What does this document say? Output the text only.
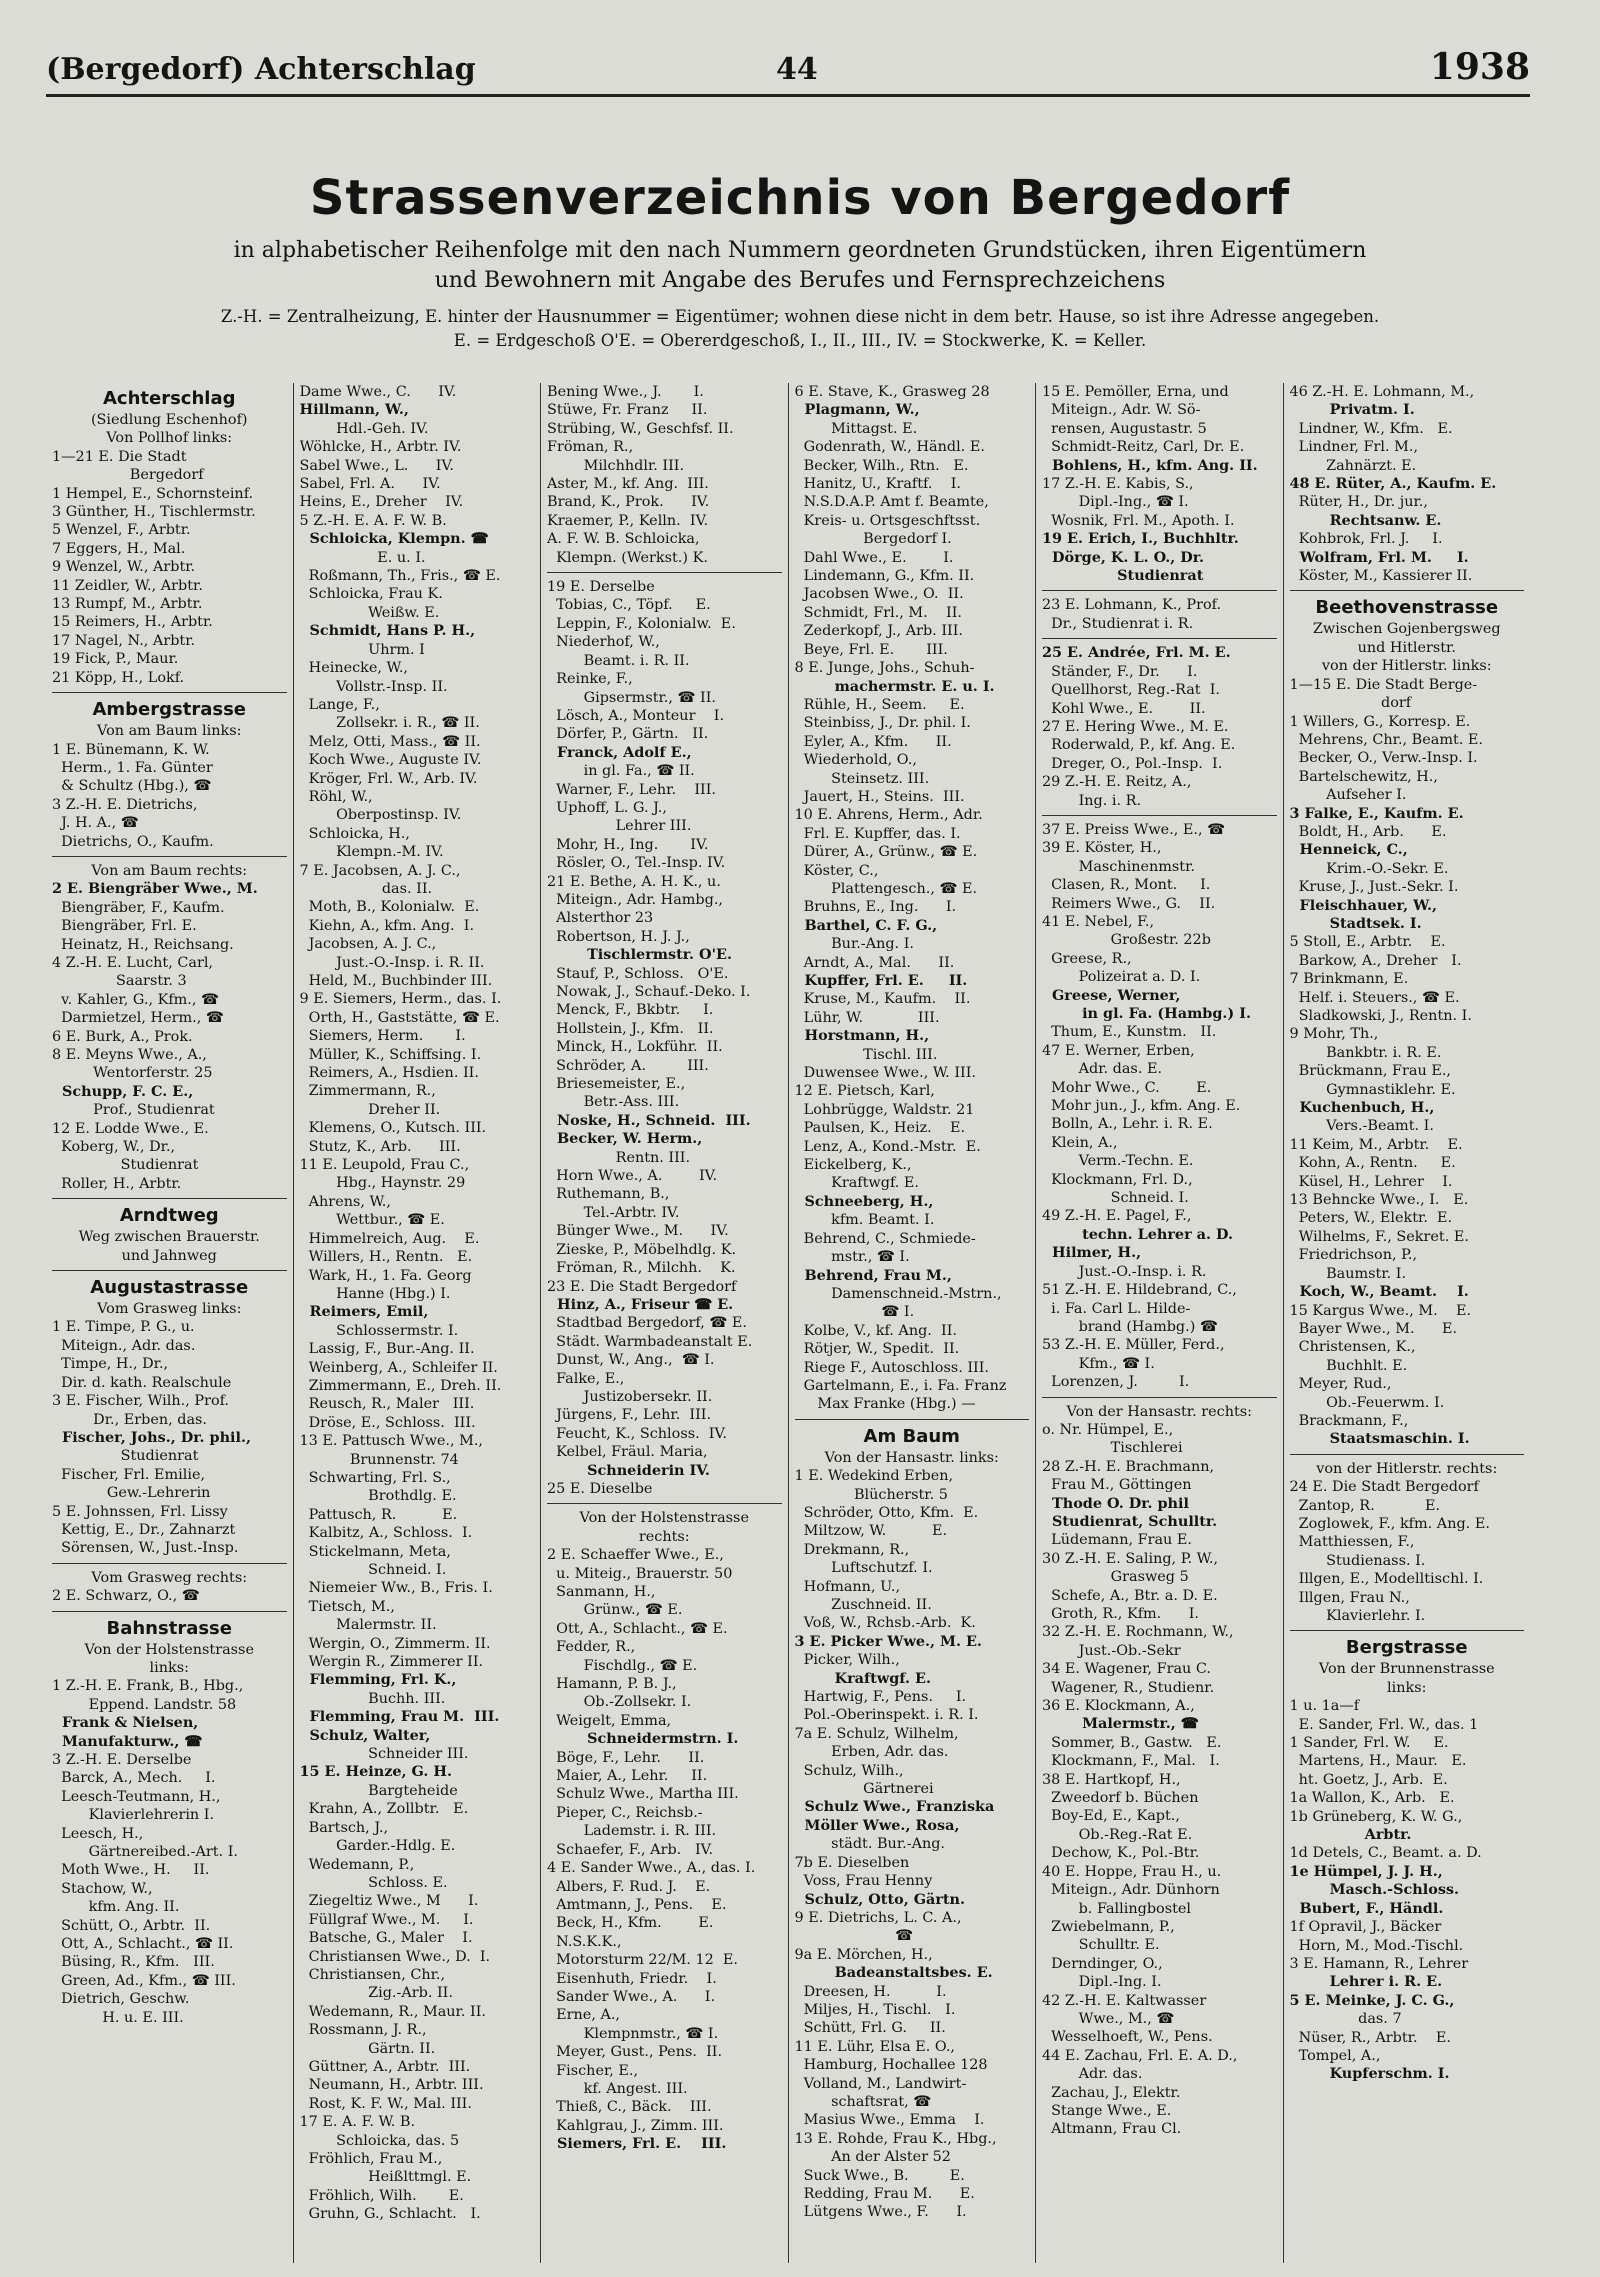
(Bergedorf) Achterschlag	44	1938
Strassenverzeichnis von Bergedorf
in alphabetischer Reihenfolge mit den nach Nummern geordneten Grundstücken, ihren Eigentümern
und Bewohnern mit Angabe des Berufes und Fernsprechzeichens
Z.-H. = Zentralheizung, E. hinter der Hausnummer = Eigentümer; wohnen diese nicht in dem betr. Hause, so ist ihre Adresse angegeben.
E. = Erdgeschoß O'E. = Obererdgeschoß, I., II., III., IV. = Stockwerke, K. = Keller.
Achterschlag
(Siedlung Eschenhof)
Von Pollhof links:
1—21 E. Die Stadt
Bergedorf
1 Hempel, E., Schornsteinf.
3 Günther, H., Tischlermstr.
5 Wenzel, F., Arbtr.
7 Eggers, H., Mal.
9 Wenzel, W., Arbtr.
11 Zeidler, W., Arbtr.
13 Rumpf, M., Arbtr.
15 Reimers, H., Arbtr.
17 Nagel, N., Arbtr.
19 Fick, P., Maur.
21 Köpp, H., Lokf.
Ambergstrasse
Von am Baum links:
1 E. Bünemann, K. W.
Herm., 1. Fa. Günter
& Schultz (Hbg.), ☎
3 Z.-H. E. Dietrichs,
J. H. A., ☎
Dietrichs, O., Kaufm.
Von am Baum rechts:
2 E. Biengräber Wwe., M.
Biengräber, F., Kaufm.
Biengräber, Frl. E.
Heinatz, H., Reichsang.
4 Z.-H. E. Lucht, Carl,
Saarstr. 3
v. Kahler, G., Kfm., ☎
Darmietzel, Herm., ☎
6 E. Burk, A., Prok.
8 E. Meyns Wwe., A.,
Wentorferstr. 25
Schupp, F. C. E.,
Prof., Studienrat
12 E. Lodde Wwe., E.
Koberg, W., Dr.,
Studienrat
Roller, H., Arbtr.
Arndtweg
Weg zwischen Brauerstr.
und Jahnweg
Augustastrasse
Vom Grasweg links:
1 E. Timpe, P. G., u.
Miteign., Adr. das.
Timpe, H., Dr.,
Dir. d. kath. Realschule
3 E. Fischer, Wilh., Prof.
Dr., Erben, das.
Fischer, Johs., Dr. phil.,
Studienrat
Fischer, Frl. Emilie,
Gew.-Lehrerin
5 E. Johnssen, Frl. Lissy
Kettig, E., Dr., Zahnarzt
Sörensen, W., Just.-Insp.
Vom Grasweg rechts:
2 E. Schwarz, O., ☎
Bahnstrasse
Von der Holstenstrasse
links:
1 Z.-H. E. Frank, B., Hbg.,
Eppend. Landstr. 58
Frank & Nielsen,
Manufakturw., ☎
3 Z.-H. E. Derselbe
Barck, A., Mech.     I.
Leesch-Teutmann, H.,
Klavierlehrerin I.
Leesch, H.,
Gärtnereibed.-Art. I.
Moth Wwe., H.     II.
Stachow, W.,
kfm. Ang. II.
Schütt, O., Arbtr.  II.
Ott, A., Schlacht., ☎ II.
Büsing, R., Kfm.   III.
Green, Ad., Kfm., ☎ III.
Dietrich, Geschw.
H. u. E. III.
Dame Wwe., C.      IV.
Hillmann, W.,
Hdl.-Geh. IV.
Wöhlcke, H., Arbtr. IV.
Sabel Wwe., L.      IV.
Sabel, Frl. A.      IV.
Heins, E., Dreher    IV.
5 Z.-H. E. A. F. W. B.
Schloicka, Klempn. ☎
E. u. I.
Roßmann, Th., Fris., ☎ E.
Schloicka, Frau K.
Weißw. E.
Schmidt, Hans P. H.,
Uhrm. I
Heinecke, W.,
Vollstr.-Insp. II.
Lange, F.,
Zollsekr. i. R., ☎ II.
Melz, Otti, Mass., ☎ II.
Koch Wwe., Auguste IV.
Kröger, Frl. W., Arb. IV.
Röhl, W.,
Oberpostinsp. IV.
Schloicka, H.,
Klempn.-M. IV.
7 E. Jacobsen, A. J. C.,
das. II.
Moth, B., Kolonialw.  E.
Kiehn, A., kfm. Ang.  I.
Jacobsen, A. J. C.,
Just.-O.-Insp. i. R. II.
Held, M., Buchbinder III.
9 E. Siemers, Herm., das. I.
Orth, H., Gaststätte, ☎ E.
Siemers, Herm.       I.
Müller, K., Schiffsing. I.
Reimers, A., Hsdien. II.
Zimmermann, R.,
Dreher II.
Klemens, O., Kutsch. III.
Stutz, K., Arb.      III.
11 E. Leupold, Frau C.,
Hbg., Haynstr. 29
Ahrens, W.,
Wettbur., ☎ E.
Himmelreich, Aug.    E.
Willers, H., Rentn.   E.
Wark, H., 1. Fa. Georg
Hanne (Hbg.) I.
Reimers, Emil,
Schlossermstr. I.
Lassig, F., Bur.-Ang. II.
Weinberg, A., Schleifer II.
Zimmermann, E., Dreh. II.
Reusch, R., Maler   III.
Dröse, E., Schloss.  III.
13 E. Pattusch Wwe., M.,
Brunnenstr. 74
Schwarting, Frl. S.,
Brothdlg. E.
Pattusch, R.          E.
Kalbitz, A., Schloss.  I.
Stickelmann, Meta,
Schneid. I.
Niemeier Ww., B., Fris. I.
Tietsch, M.,
Malermstr. II.
Wergin, O., Zimmerm. II.
Wergin R., Zimmerer II.
Flemming, Frl. K.,
Buchh. III.
Flemming, Frau M.  III.
Schulz, Walter,
Schneider III.
15 E. Heinze, G. H.
Bargteheide
Krahn, A., Zollbtr.   E.
Bartsch, J.,
Garder.-Hdlg. E.
Wedemann, P.,
Schloss. E.
Ziegeltiz Wwe., M      I.
Füllgraf Wwe., M.     I.
Batsche, G., Maler    I.
Christiansen Wwe., D.  I.
Christiansen, Chr.,
Zig.-Arb. II.
Wedemann, R., Maur. II.
Rossmann, J. R.,
Gärtn. II.
Güttner, A., Arbtr.  III.
Neumann, H., Arbtr. III.
Rost, K. F. W., Mal. III.
17 E. A. F. W. B.
Schloicka, das. 5
Fröhlich, Frau M.,
Heißlttmgl. E.
Fröhlich, Wilh.       E.
Gruhn, G., Schlacht.   I.
Bening Wwe., J.       I.
Stüwe, Fr. Franz     II.
Strübing, W., Geschfsf. II.
Fröman, R.,
Milchhdlr. III.
Aster, M., kf. Ang.  III.
Brand, K., Prok.      IV.
Kraemer, P., Kelln.  IV.
A. F. W. B. Schloicka,
Klempn. (Werkst.) K.
19 E. Derselbe
Tobias, C., Töpf.     E.
Leppin, F., Kolonialw.  E.
Niederhof, W.,
Beamt. i. R. II.
Reinke, F.,
Gipsermstr., ☎ II.
Lösch, A., Monteur    I.
Dörfer, P., Gärtn.   II.
Franck, Adolf E.,
in gl. Fa., ☎ II.
Warner, F., Lehr.    III.
Uphoff, L. G. J.,
Lehrer III.
Mohr, H., Ing.       IV.
Rösler, O., Tel.-Insp. IV.
21 E. Bethe, A. H. K., u.
Miteign., Adr. Hambg.,
Alsterthor 23
Robertson, H. J. J.,
Tischlermstr. O'E.
Stauf, P., Schloss.   O'E.
Nowak, J., Schauf.-Deko. I.
Menck, F., Bkbtr.     I.
Hollstein, J., Kfm.   II.
Minck, H., Lokführ.  II.
Schröder, A.         III.
Briesemeister, E.,
Betr.-Ass. III.
Noske, H., Schneid.  III.
Becker, W. Herm.,
Rentn. III.
Horn Wwe., A.        IV.
Ruthemann, B.,
Tel.-Arbtr. IV.
Bünger Wwe., M.      IV.
Zieske, P., Möbelhdlg. K.
Fröman, R., Milchh.    K.
23 E. Die Stadt Bergedorf
Hinz, A., Friseur ☎ E.
Stadtbad Bergedorf, ☎ E.
Städt. Warmbadeanstalt E.
Dunst, W., Ang.,  ☎ I.
Falke, E.,
Justizobersekr. II.
Jürgens, F., Lehr.  III.
Feucht, K., Schloss.  IV.
Kelbel, Fräul. Maria,
Schneiderin IV.
25 E. Dieselbe
Von der Holstenstrasse
rechts:
2 E. Schaeffer Wwe., E.,
u. Miteig., Brauerstr. 50
Sanmann, H.,
Grünw., ☎ E.
Ott, A., Schlacht., ☎ E.
Fedder, R.,
Fischdlg., ☎ E.
Hamann, P. B. J.,
Ob.-Zollsekr. I.
Weigelt, Emma,
Schneidermstrn. I.
Böge, F., Lehr.      II.
Maier, A., Lehr.     II.
Schulz Wwe., Martha III.
Pieper, C., Reichsb.-
Lademstr. i. R. III.
Schaefer, F., Arb.   IV.
4 E. Sander Wwe., A., das. I.
Albers, F. Rud. J.    E.
Amtmann, J., Pens.    E.
Beck, H., Kfm.        E.
N.S.K.K.,
Motorsturm 22/M. 12  E.
Eisenhuth, Friedr.    I.
Sander Wwe., A.      I.
Erne, A.,
Klempnmstr., ☎ I.
Meyer, Gust., Pens.  II.
Fischer, E.,
kf. Angest. III.
Thieß, C., Bäck.    III.
Kahlgrau, J., Zimm. III.
Siemers, Frl. E.    III.
6 E. Stave, K., Grasweg 28
Plagmann, W.,
Mittagst. E.
Godenrath, W., Händl. E.
Becker, Wilh., Rtn.   E.
Hanitz, U., Kraftf.    I.
N.S.D.A.P. Amt f. Beamte,
Kreis- u. Ortsgeschftsst.
Bergedorf I.
Dahl Wwe., E.        I.
Lindemann, G., Kfm. II.
Jacobsen Wwe., O.  II.
Schmidt, Frl., M.    II.
Zederkopf, J., Arb. III.
Beye, Frl. E.       III.
8 E. Junge, Johs., Schuh-
machermstr. E. u. I.
Rühle, H., Seem.     E.
Steinbiss, J., Dr. phil. I.
Eyler, A., Kfm.      II.
Wiederhold, O.,
Steinsetz. III.
Jauert, H., Steins.  III.
10 E. Ahrens, Herm., Adr.
Frl. E. Kupffer, das. I.
Dürer, A., Grünw., ☎ E.
Köster, C.,
Plattengesch., ☎ E.
Bruhns, E., Ing.      I.
Barthel, C. F. G.,
Bur.-Ang. I.
Arndt, A., Mal.      II.
Kupffer, Frl. E.     II.
Kruse, M., Kaufm.    II.
Lühr, W.            III.
Horstmann, H.,
Tischl. III.
Duwensee Wwe., W. III.
12 E. Pietsch, Karl,
Lohbrügge, Waldstr. 21
Paulsen, K., Heiz.    E.
Lenz, A., Kond.-Mstr.  E.
Eickelberg, K.,
Kraftwgf. E.
Schneeberg, H.,
kfm. Beamt. I.
Behrend, C., Schmiede-
mstr., ☎ I.
Behrend, Frau M.,
Damenschneid.-Mstrn.,
☎ I.
Kolbe, V., kf. Ang.  II.
Rötjer, W., Spedit.  II.
Riege F., Autoschloss. III.
Gartelmann, E., i. Fa. Franz
Max Franke (Hbg.) —
Am Baum
Von der Hansastr. links:
1 E. Wedekind Erben,
Blücherstr. 5
Schröder, Otto, Kfm.  E.
Miltzow, W.          E.
Drekmann, R.,
Luftschutzf. I.
Hofmann, U.,
Zuschneid. II.
Voß, W., Rchsb.-Arb.  K.
3 E. Picker Wwe., M. E.
Picker, Wilh.,
Kraftwgf. E.
Hartwig, F., Pens.     I.
Pol.-Oberinspekt. i. R. I.
7a E. Schulz, Wilhelm,
Erben, Adr. das.
Schulz, Wilh.,
Gärtnerei
Schulz Wwe., Franziska
Möller Wwe., Rosa,
städt. Bur.-Ang.
7b E. Dieselben
Voss, Frau Henny
Schulz, Otto, Gärtn.
9 E. Dietrichs, L. C. A.,
☎
9a E. Mörchen, H.,
Badeanstaltsbes. E.
Dreesen, H.          I.
Miljes, H., Tischl.   I.
Schütt, Frl. G.     II.
11 E. Lühr, Elsa E. O.,
Hamburg, Hochallee 128
Volland, M., Landwirt-
schaftsrat, ☎
Masius Wwe., Emma    I.
13 E. Rohde, Frau K., Hbg.,
An der Alster 52
Suck Wwe., B.         E.
Redding, Frau M.      E.
Lütgens Wwe., F.      I.
15 E. Pemöller, Erna, und
Miteign., Adr. W. Sö-
rensen, Augustastr. 5
Schmidt-Reitz, Carl, Dr. E.
Bohlens, H., kfm. Ang. II.
17 Z.-H. E. Kabis, S.,
Dipl.-Ing., ☎ I.
Wosnik, Frl. M., Apoth. I.
19 E. Erich, I., Buchhltr.
Dörge, K. L. O., Dr.
Studienrat
23 E. Lohmann, K., Prof.
Dr., Studienrat i. R.
25 E. Andrée, Frl. M. E.
Ständer, F., Dr.      I.
Quellhorst, Reg.-Rat  I.
Kohl Wwe., E.        II.
27 E. Hering Wwe., M. E.
Roderwald, P., kf. Ang. E.
Dreger, O., Pol.-Insp.  I.
29 Z.-H. E. Reitz, A.,
Ing. i. R.
37 E. Preiss Wwe., E., ☎
39 E. Köster, H.,
Maschinenmstr.
Clasen, R., Mont.     I.
Reimers Wwe., G.    II.
41 E. Nebel, F.,
Großestr. 22b
Greese, R.,
Polizeirat a. D. I.
Greese, Werner,
in gl. Fa. (Hambg.) I.
Thum, E., Kunstm.   II.
47 E. Werner, Erben,
Adr. das. E.
Mohr Wwe., C.        E.
Mohr jun., J., kfm. Ang. E.
Bolln, A., Lehr. i. R. E.
Klein, A.,
Verm.-Techn. E.
Klockmann, Frl. D.,
Schneid. I.
49 Z.-H. E. Pagel, F.,
techn. Lehrer a. D.
Hilmer, H.,
Just.-O.-Insp. i. R.
51 Z.-H. E. Hildebrand, C.,
i. Fa. Carl L. Hilde-
brand (Hambg.) ☎
53 Z.-H. E. Müller, Ferd.,
Kfm., ☎ I.
Lorenzen, J.         I.
Von der Hansastr. rechts:
o. Nr. Hümpel, E.,
Tischlerei
28 Z.-H. E. Brachmann,
Frau M., Göttingen
Thode O. Dr. phil
Studienrat, Schulltr.
Lüdemann, Frau E.
30 Z.-H. E. Saling, P. W.,
Grasweg 5
Schefe, A., Btr. a. D. E.
Groth, R., Kfm.      I.
32 Z.-H. E. Rochmann, W.,
Just.-Ob.-Sekr
34 E. Wagener, Frau C.
Wagener, R., Studienr.
36 E. Klockmann, A.,
Malermstr., ☎
Sommer, B., Gastw.   E.
Klockmann, F., Mal.   I.
38 E. Hartkopf, H.,
Zweedorf b. Büchen
Boy-Ed, E., Kapt.,
Ob.-Reg.-Rat E.
Dechow, K., Pol.-Btr.
40 E. Hoppe, Frau H., u.
Miteign., Adr. Dünhorn
b. Fallingbostel
Zwiebelmann, P.,
Schulltr. E.
Derndinger, O.,
Dipl.-Ing. I.
42 Z.-H. E. Kaltwasser
Wwe., M., ☎
Wesselhoeft, W., Pens.
44 E. Zachau, Frl. E. A. D.,
Adr. das.
Zachau, J., Elektr.
Stange Wwe., E.
Altmann, Frau Cl.
46 Z.-H. E. Lohmann, M.,
Privatm. I.
Lindner, W., Kfm.   E.
Lindner, Frl. M.,
Zahnärzt. E.
48 E. Rüter, A., Kaufm. E.
Rüter, H., Dr. jur.,
Rechtsanw. E.
Kohbrok, Frl. J.     I.
Wolfram, Frl. M.     I.
Köster, M., Kassierer II.
Beethovenstrasse
Zwischen Gojenbergsweg
und Hitlerstr.
von der Hitlerstr. links:
1—15 E. Die Stadt Berge-
dorf
1 Willers, G., Korresp. E.
Mehrens, Chr., Beamt. E.
Becker, O., Verw.-Insp. I.
Bartelschewitz, H.,
Aufseher I.
3 Falke, E., Kaufm. E.
Boldt, H., Arb.      E.
Henneick, C.,
Krim.-O.-Sekr. E.
Kruse, J., Just.-Sekr. I.
Fleischhauer, W.,
Stadtsek. I.
5 Stoll, E., Arbtr.    E.
Barkow, A., Dreher   I.
7 Brinkmann, E.
Helf. i. Steuers., ☎ E.
Sladkowski, J., Rentn. I.
9 Mohr, Th.,
Bankbtr. i. R. E.
Brückmann, Frau E.,
Gymnastiklehr. E.
Kuchenbuch, H.,
Vers.-Beamt. I.
11 Keim, M., Arbtr.    E.
Kohn, A., Rentn.     E.
Küsel, H., Lehrer    I.
13 Behncke Wwe., I.   E.
Peters, W., Elektr.  E.
Wilhelms, F., Sekret. E.
Friedrichson, P.,
Baumstr. I.
Koch, W., Beamt.    I.
15 Kargus Wwe., M.    E.
Bayer Wwe., M.      E.
Christensen, K.,
Buchhlt. E.
Meyer, Rud.,
Ob.-Feuerwm. I.
Brackmann, F.,
Staatsmaschin. I.
von der Hitlerstr. rechts:
24 E. Die Stadt Bergedorf
Zantop, R.           E.
Zoglowek, F., kfm. Ang. E.
Matthiessen, F.,
Studienass. I.
Illgen, E., Modelltischl. I.
Illgen, Frau N.,
Klavierlehr. I.
Bergstrasse
Von der Brunnenstrasse
links:
1 u. 1a—f
E. Sander, Frl. W., das. 1
1 Sander, Frl. W.     E.
Martens, H., Maur.   E.
ht. Goetz, J., Arb.  E.
1a Wallon, K., Arb.   E.
1b Grüneberg, K. W. G.,
Arbtr.
1d Detels, C., Beamt. a. D.
1e Hümpel, J. J. H.,
Masch.-Schloss.
Bubert, F., Händl.
1f Opravil, J., Bäcker
Horn, M., Mod.-Tischl.
3 E. Hamann, R., Lehrer
Lehrer i. R. E.
5 E. Meinke, J. C. G.,
das. 7
Nüser, R., Arbtr.    E.
Tompel, A.,
Kupferschm. I.
